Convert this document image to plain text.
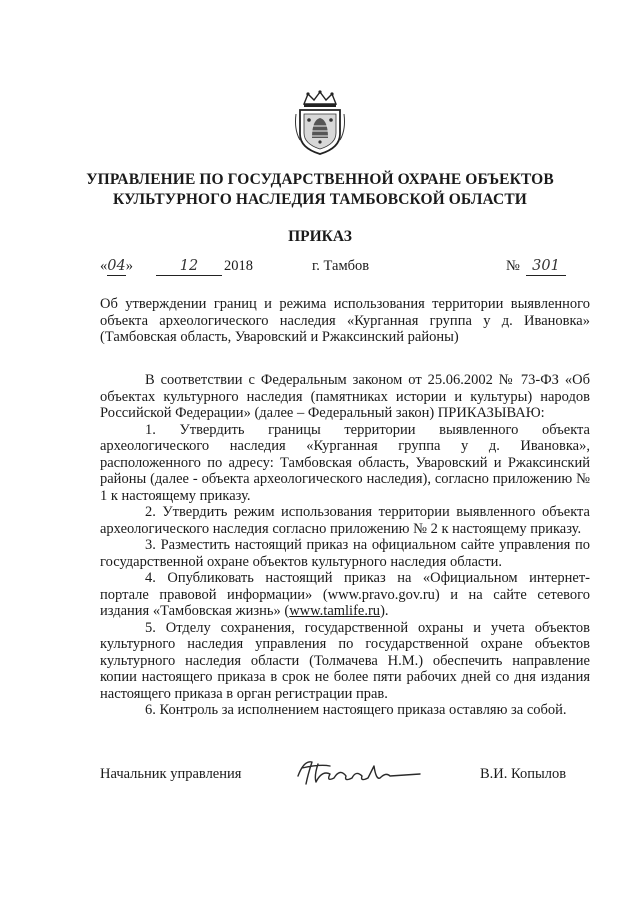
УПРАВЛЕНИЕ ПО ГОСУДАРСТВЕННОЙ ОХРАНЕ ОБЪЕКТОВ
КУЛЬТУРНОГО НАСЛЕДИЯ ТАМБОВСКОЙ ОБЛАСТИ
ПРИКАЗ
«04»	12	2018	г. Тамбов	№ 301
Об утверждении границ и режима использования территории выявленного
объекта археологического наследия «Курганная группа у д. Ивановка»
(Тамбовская область, Уваровский и Ржаксинский районы)

В соответствии с Федеральным законом от 25.06.2002 № 73-ФЗ «Об объектах культурного наследия (памятниках истории и культуры) народов Российской Федерации» (далее – Федеральный закон) ПРИКАЗЫВАЮ:

1. Утвердить границы территории выявленного объекта археологического наследия «Курганная группа у д. Ивановка», расположенного по адресу: Тамбовская область, Уваровский и Ржаксинский районы (далее - объекта археологического наследия), согласно приложению № 1 к настоящему приказу.

2. Утвердить режим использования территории выявленного объекта археологического наследия согласно приложению № 2 к настоящему приказу.

3. Разместить настоящий приказ на официальном сайте управления по государственной охране объектов культурного наследия области.

4. Опубликовать настоящий приказ на «Официальном интернет-портале правовой информации» (www.pravo.gov.ru) и на сайте сетевого издания «Тамбовская жизнь» (www.tamlife.ru).

5. Отделу сохранения, государственной охраны и учета объектов культурного наследия управления по государственной охране объектов культурного наследия области (Толмачева Н.М.) обеспечить направление копии настоящего приказа в срок не более пяти рабочих дней со дня издания настоящего приказа в орган регистрации прав.

6. Контроль за исполнением настоящего приказа оставляю за собой.

Начальник управления	В.И. Копылов
